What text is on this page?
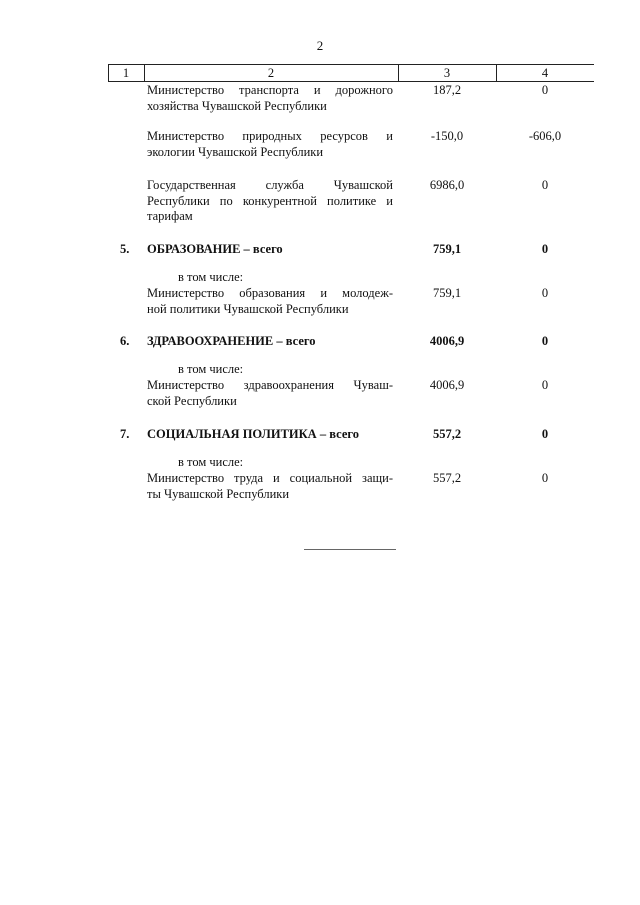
2
1	2	3	4
Министерство транспорта и дорожного
хозяйства Чувашской Республики
187,2	0
Министерство природных ресурсов и
экологии Чувашской Республики
-150,0	-606,0
Государственная служба Чувашской
Республики по конкурентной политике и
тарифам
6986,0	0
5.	ОБРАЗОВАНИЕ – всего	759,1	0
в том числе:
Министерство образования и молодеж-
ной политики Чувашской Республики
759,1	0
6.	ЗДРАВООХРАНЕНИЕ – всего	4006,9	0
в том числе:
Министерство здравоохранения Чуваш-
ской Республики
4006,9	0
7.	СОЦИАЛЬНАЯ ПОЛИТИКА – всего	557,2	0
в том числе:
Министерство труда и социальной защи-
ты Чувашской Республики
557,2	0
